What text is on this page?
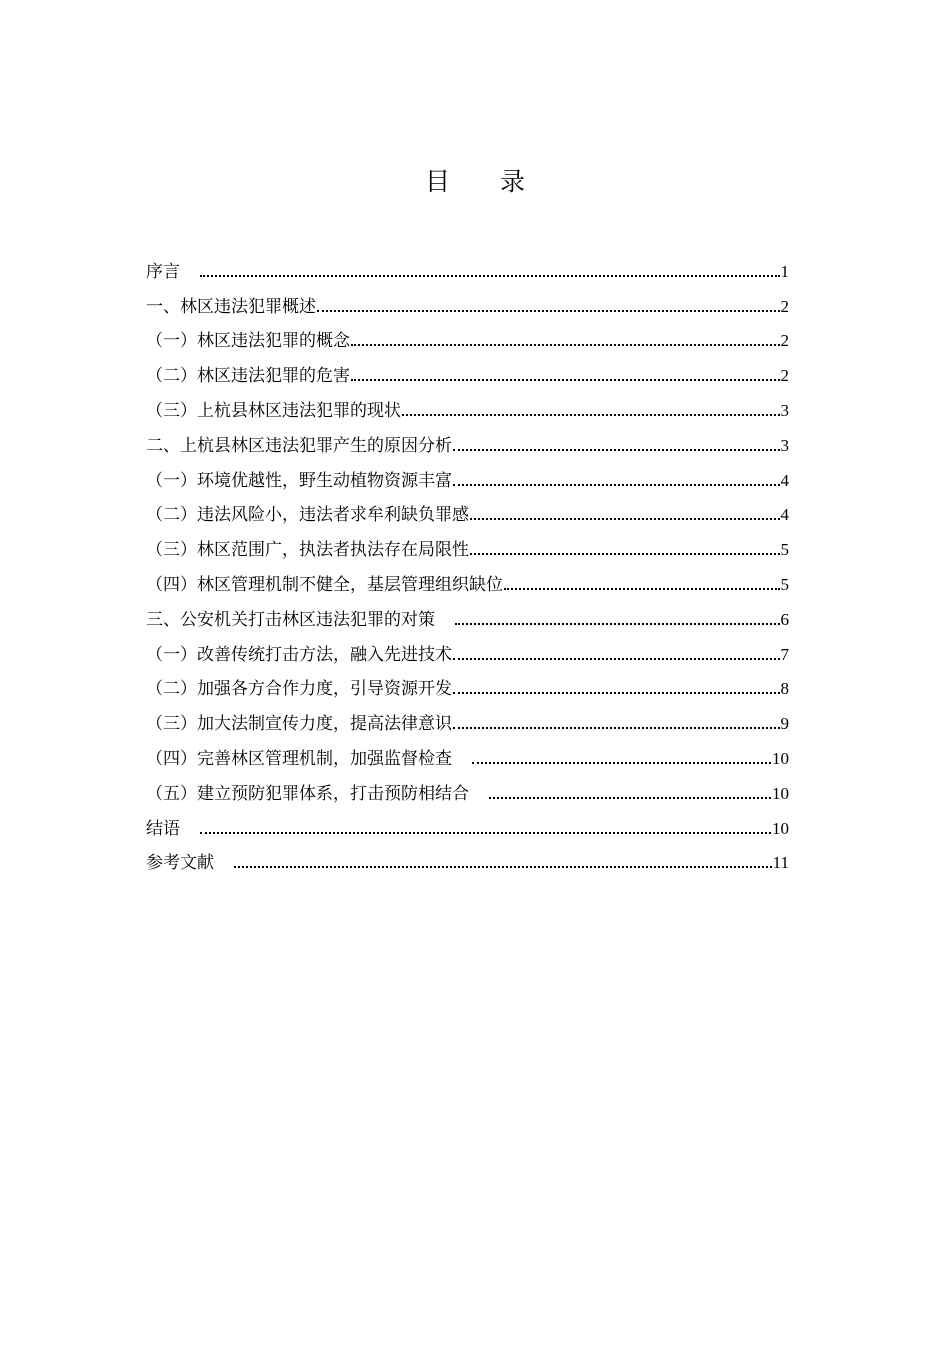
目 录
序言	1
一、林区违法犯罪概述	2
（一）林区违法犯罪的概念	2
（二）林区违法犯罪的危害	2
（三）上杭县林区违法犯罪的现状	3
二、上杭县林区违法犯罪产生的原因分析	3
（一）环境优越性，野生动植物资源丰富	4
（二）违法风险小，违法者求牟利缺负罪感	4
（三）林区范围广，执法者执法存在局限性	5
（四）林区管理机制不健全，基层管理组织缺位	5
三、公安机关打击林区违法犯罪的对策	6
（一）改善传统打击方法，融入先进技术	7
（二）加强各方合作力度，引导资源开发	8
（三）加大法制宣传力度，提高法律意识	9
（四）完善林区管理机制，加强监督检查	10
（五）建立预防犯罪体系，打击预防相结合	10
结语	10
参考文献	11
